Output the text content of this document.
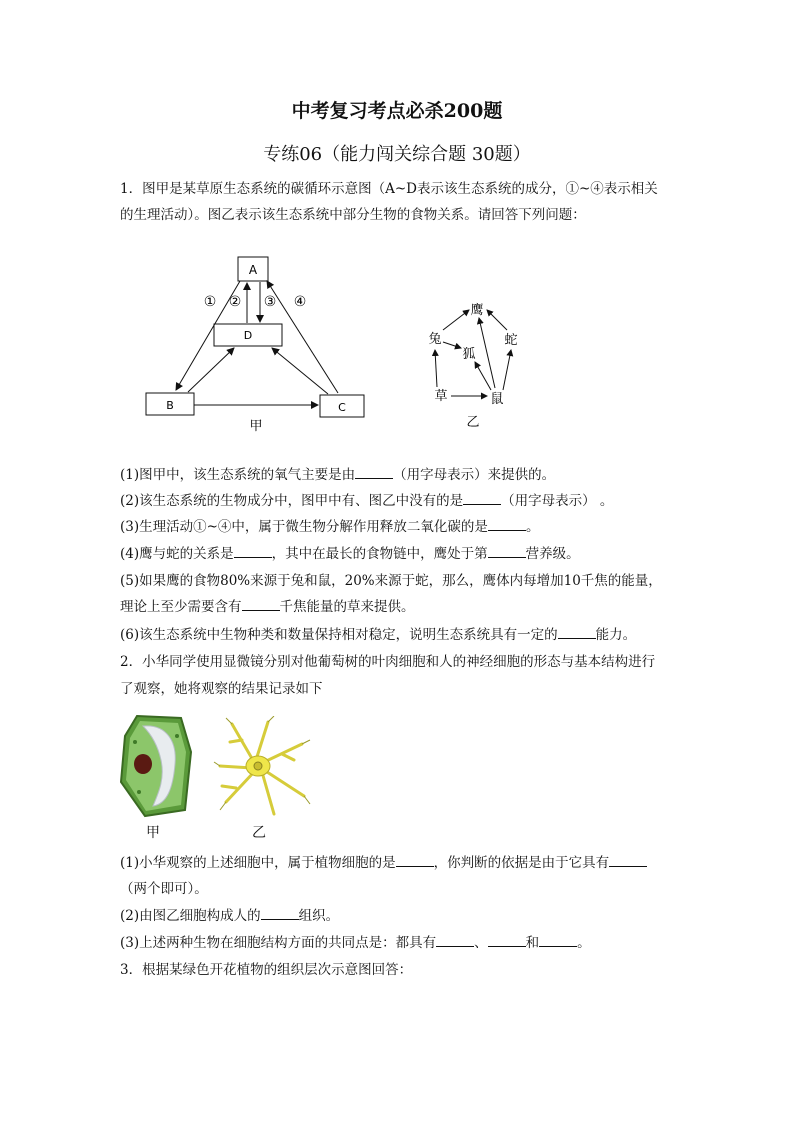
中考复习考点必杀200题
专练06（能力闯关综合题 30题）
1．图甲是某草原生态系统的碳循环示意图（A~D表示该生态系统的成分，①~④表示相关
的生理活动）。图乙表示该生态系统中部分生物的食物关系。请回答下列问题：
A
B	C
D
① ② ③ ④
甲
鹰
兔
狐
蛇
草	鼠
乙
(1)图甲中，该生态系统的氧气主要是由	（用字母表示）来提供的。
(2)该生态系统的生物成分中，图甲中有、图乙中没有的是	（用字母表示） 。
(3)生理活动①~④中，属于微生物分解作用释放二氧化碳的是	。
(4)鹰与蛇的关系是	，其中在最长的食物链中，鹰处于第	营养级。
(5)如果鹰的食物80%来源于兔和鼠，20%来源于蛇，那么，鹰体内每增加10千焦的能量，
理论上至少需要含有	千焦能量的草来提供。
(6)该生态系统中生物种类和数量保持相对稳定，说明生态系统具有一定的	能力。
2．小华同学使用显微镜分别对他葡萄树的叶肉细胞和人的神经细胞的形态与基本结构进行
了观察，她将观察的结果记录如下
甲	乙
(1)小华观察的上述细胞中，属于植物细胞的是	，你判断的依据是由于它具有
（两个即可）。
(2)由图乙细胞构成人的	组织。
(3)上述两种生物在细胞结构方面的共同点是：都具有	、	和	。
3．根据某绿色开花植物的组织层次示意图回答：
